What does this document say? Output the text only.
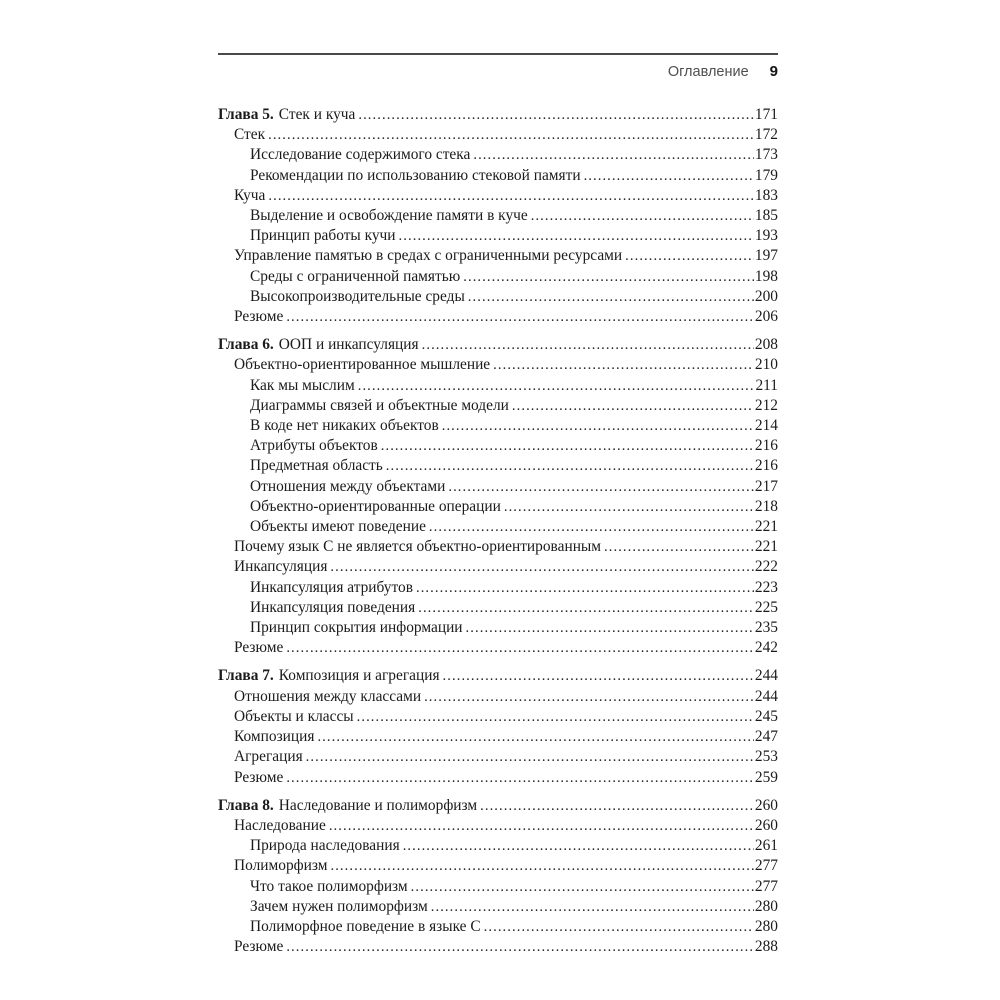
Оглавление 9
Глава 5. Стек и куча .....	171
Стек .....	172
Исследование содержимого стека .....	173
Рекомендации по использованию стековой памяти .....	179
Куча .....	183
Выделение и освобождение памяти в куче .....	185
Принцип работы кучи .....	193
Управление памятью в средах с ограниченными ресурсами .....	197
Среды с ограниченной памятью .....	198
Высокопроизводительные среды .....	200
Резюме .....	206
Глава 6. ООП и инкапсуляция .....	208
Объектно-ориентированное мышление .....	210
Как мы мыслим .....	211
Диаграммы связей и объектные модели .....	212
В коде нет никаких объектов .....	214
Атрибуты объектов .....	216
Предметная область .....	216
Отношения между объектами .....	217
Объектно-ориентированные операции .....	218
Объекты имеют поведение .....	221
Почему язык C не является объектно-ориентированным .....	221
Инкапсуляция .....	222
Инкапсуляция атрибутов .....	223
Инкапсуляция поведения .....	225
Принцип сокрытия информации .....	235
Резюме .....	242
Глава 7. Композиция и агрегация .....	244
Отношения между классами .....	244
Объекты и классы .....	245
Композиция .....	247
Агрегация .....	253
Резюме .....	259
Глава 8. Наследование и полиморфизм .....	260
Наследование .....	260
Природа наследования .....	261
Полиморфизм .....	277
Что такое полиморфизм .....	277
Зачем нужен полиморфизм .....	280
Полиморфное поведение в языке C .....	280
Резюме .....	288
